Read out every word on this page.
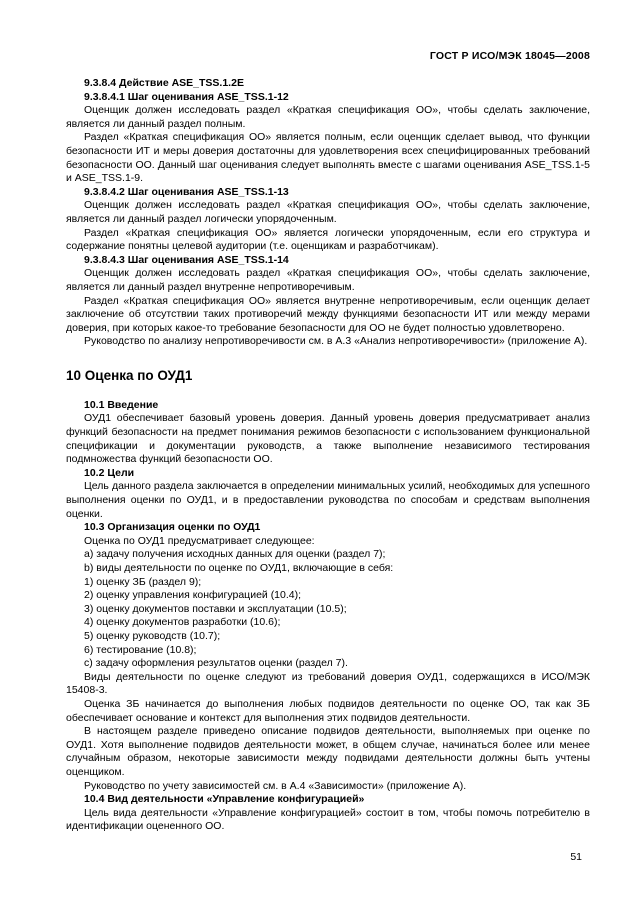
ГОСТ Р ИСО/МЭК 18045—2008
9.3.8.4 Действие ASE_TSS.1.2E
9.3.8.4.1 Шаг оценивания ASE_TSS.1-12
Оценщик должен исследовать раздел «Краткая спецификация ОО», чтобы сделать заключение, является ли данный раздел полным.
Раздел «Краткая спецификация ОО» является полным, если оценщик сделает вывод, что функции безопасности ИТ и меры доверия достаточны для удовлетворения всех специфицированных требований безопасности ОО. Данный шаг оценивания следует выполнять вместе с шагами оценивания ASE_TSS.1-5 и ASE_TSS.1-9.
9.3.8.4.2 Шаг оценивания ASE_TSS.1-13
Оценщик должен исследовать раздел «Краткая спецификация ОО», чтобы сделать заключение, является ли данный раздел логически упорядоченным.
Раздел «Краткая спецификация ОО» является логически упорядоченным, если его структура и содержание понятны целевой аудитории (т.е. оценщикам и разработчикам).
9.3.8.4.3 Шаг оценивания ASE_TSS.1-14
Оценщик должен исследовать раздел «Краткая спецификация ОО», чтобы сделать заключение, является ли данный раздел внутренне непротиворечивым.
Раздел «Краткая спецификация ОО» является внутренне непротиворечивым, если оценщик делает заключение об отсутствии таких противоречий между функциями безопасности ИТ или между мерами доверия, при которых какое-то требование безопасности для ОО не будет полностью удовлетворено.
Руководство по анализу непротиворечивости см. в А.3 «Анализ непротиворечивости» (приложение А).
10 Оценка по ОУД1
10.1 Введение
ОУД1 обеспечивает базовый уровень доверия. Данный уровень доверия предусматривает анализ функций безопасности на предмет понимания режимов безопасности с использованием функциональной спецификации и документации руководств, а также выполнение независимого тестирования подмножества функций безопасности ОО.
10.2 Цели
Цель данного раздела заключается в определении минимальных усилий, необходимых для успешного выполнения оценки по ОУД1, и в предоставлении руководства по способам и средствам выполнения оценки.
10.3 Организация оценки по ОУД1
Оценка по ОУД1 предусматривает следующее:
а) задачу получения исходных данных для оценки (раздел 7);
b) виды деятельности по оценке по ОУД1, включающие в себя:
1) оценку ЗБ (раздел 9);
2) оценку управления конфигурацией (10.4);
3) оценку документов поставки и эксплуатации (10.5);
4) оценку документов разработки (10.6);
5) оценку руководств (10.7);
6) тестирование (10.8);
с) задачу оформления результатов оценки (раздел 7).
Виды деятельности по оценке следуют из требований доверия ОУД1, содержащихся в ИСО/МЭК 15408-3.
Оценка ЗБ начинается до выполнения любых подвидов деятельности по оценке ОО, так как ЗБ обеспечивает основание и контекст для выполнения этих подвидов деятельности.
В настоящем разделе приведено описание подвидов деятельности, выполняемых при оценке по ОУД1. Хотя выполнение подвидов деятельности может, в общем случае, начинаться более или менее случайным образом, некоторые зависимости между подвидами деятельности должны быть учтены оценщиком.
Руководство по учету зависимостей см. в А.4 «Зависимости» (приложение А).
10.4 Вид деятельности «Управление конфигурацией»
Цель вида деятельности «Управление конфигурацией» состоит в том, чтобы помочь потребителю в идентификации оцененного ОО.
51
